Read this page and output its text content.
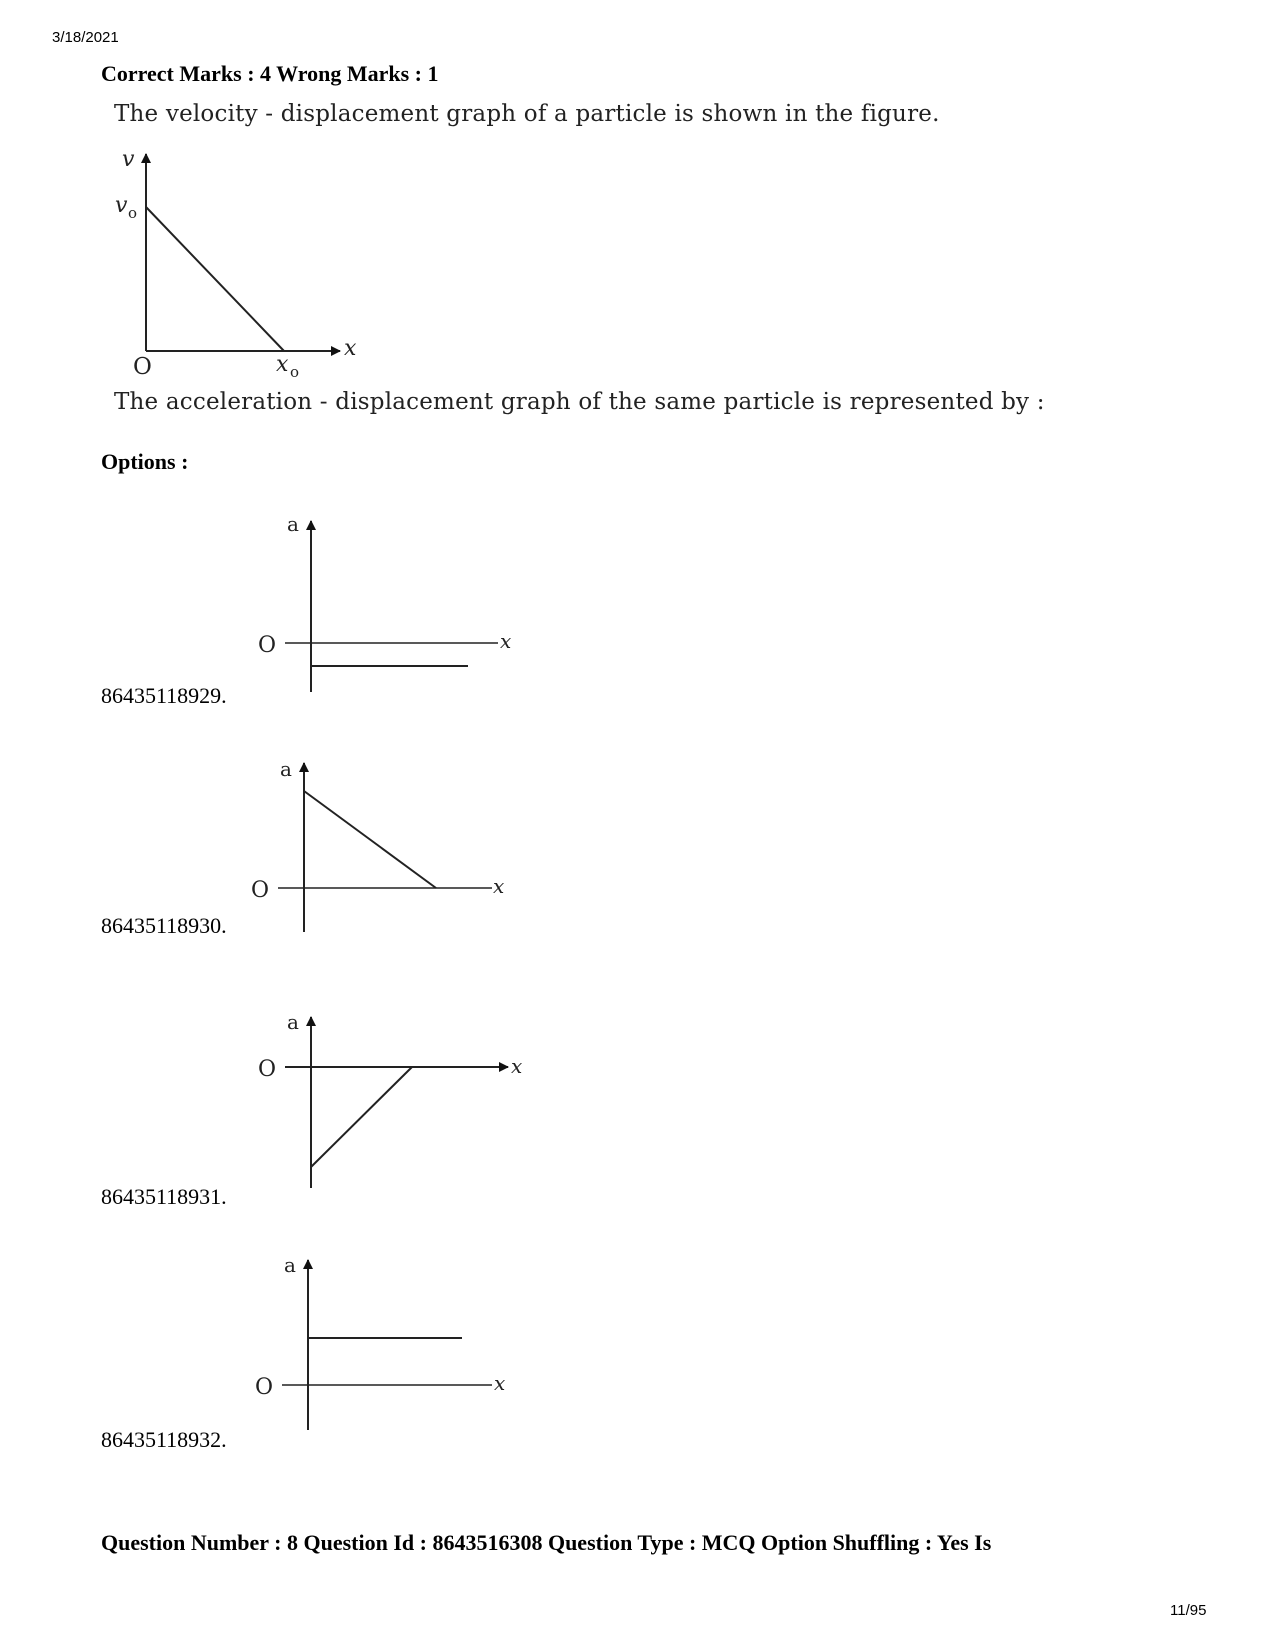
3/18/2021
Correct Marks : 4 Wrong Marks : 1
The velocity - displacement graph of a particle is shown in the figure.
v
x
O
v o
x o
The acceleration - displacement graph of the same particle is represented by :
Options :
a
x
O
86435118929.
a
x
O
86435118930.
a
x
O
86435118931.
a
x
O
86435118932.
Question Number : 8 Question Id : 8643516308 Question Type : MCQ Option Shuffling : Yes Is
11/95
